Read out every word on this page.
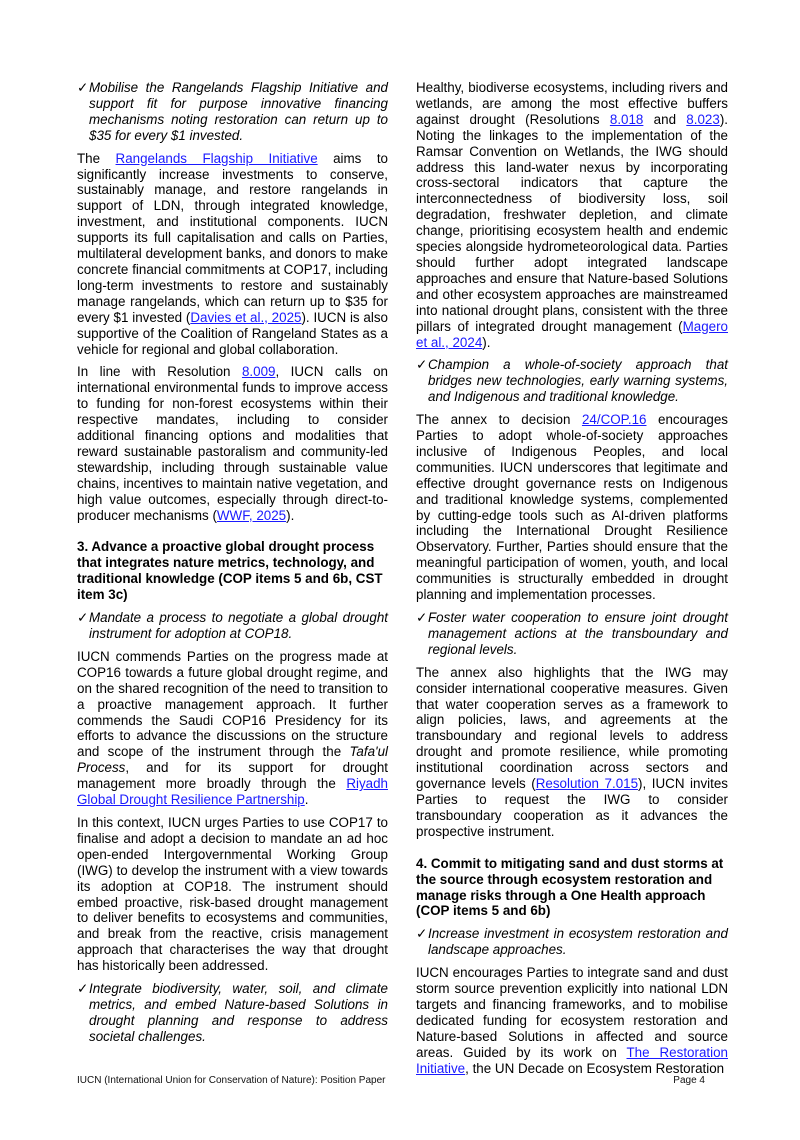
✓ Mobilise the Rangelands Flagship Initiative and support fit for purpose innovative financing mechanisms noting restoration can return up to $35 for every $1 invested.

The Rangelands Flagship Initiative aims to significantly increase investments to conserve, sustainably manage, and restore rangelands in support of LDN, through integrated knowledge, investment, and institutional components. IUCN supports its full capitalisation and calls on Parties, multilateral development banks, and donors to make concrete financial commitments at COP17, including long-term investments to restore and sustainably manage rangelands, which can return up to $35 for every $1 invested (Davies et al., 2025). IUCN is also supportive of the Coalition of Rangeland States as a vehicle for regional and global collaboration.

In line with Resolution 8.009, IUCN calls on international environmental funds to improve access to funding for non-forest ecosystems within their respective mandates, including to consider additional financing options and modalities that reward sustainable pastoralism and community-led stewardship, including through sustainable value chains, incentives to maintain native vegetation, and high value outcomes, especially through direct-to-producer mechanisms (WWF, 2025).

3. Advance a proactive global drought process that integrates nature metrics, technology, and traditional knowledge (COP items 5 and 6b, CST item 3c)
✓ Mandate a process to negotiate a global drought instrument for adoption at COP18.

IUCN commends Parties on the progress made at COP16 towards a future global drought regime, and on the shared recognition of the need to transition to a proactive management approach. It further commends the Saudi COP16 Presidency for its efforts to advance the discussions on the structure and scope of the instrument through the Tafa'ul Process, and for its support for drought management more broadly through the Riyadh Global Drought Resilience Partnership.

In this context, IUCN urges Parties to use COP17 to finalise and adopt a decision to mandate an ad hoc open-ended Intergovernmental Working Group (IWG) to develop the instrument with a view towards its adoption at COP18. The instrument should embed proactive, risk-based drought management to deliver benefits to ecosystems and communities, and break from the reactive, crisis management approach that characterises the way that drought has historically been addressed.

✓ Integrate biodiversity, water, soil, and climate metrics, and embed Nature-based Solutions in drought planning and response to address societal challenges.

Healthy, biodiverse ecosystems, including rivers and wetlands, are among the most effective buffers against drought (Resolutions 8.018 and 8.023). Noting the linkages to the implementation of the Ramsar Convention on Wetlands, the IWG should address this land-water nexus by incorporating cross-sectoral indicators that capture the interconnectedness of biodiversity loss, soil degradation, freshwater depletion, and climate change, prioritising ecosystem health and endemic species alongside hydrometeorological data. Parties should further adopt integrated landscape approaches and ensure that Nature-based Solutions and other ecosystem approaches are mainstreamed into national drought plans, consistent with the three pillars of integrated drought management (Magero et al., 2024).

✓ Champion a whole-of-society approach that bridges new technologies, early warning systems, and Indigenous and traditional knowledge.

The annex to decision 24/COP.16 encourages Parties to adopt whole-of-society approaches inclusive of Indigenous Peoples, and local communities. IUCN underscores that legitimate and effective drought governance rests on Indigenous and traditional knowledge systems, complemented by cutting-edge tools such as AI-driven platforms including the International Drought Resilience Observatory. Further, Parties should ensure that the meaningful participation of women, youth, and local communities is structurally embedded in drought planning and implementation processes.

✓ Foster water cooperation to ensure joint drought management actions at the transboundary and regional levels.

The annex also highlights that the IWG may consider international cooperative measures. Given that water cooperation serves as a framework to align policies, laws, and agreements at the transboundary and regional levels to address drought and promote resilience, while promoting institutional coordination across sectors and governance levels (Resolution 7.015), IUCN invites Parties to request the IWG to consider transboundary cooperation as it advances the prospective instrument.

4. Commit to mitigating sand and dust storms at the source through ecosystem restoration and manage risks through a One Health approach (COP items 5 and 6b)
✓ Increase investment in ecosystem restoration and landscape approaches.

IUCN encourages Parties to integrate sand and dust storm source prevention explicitly into national LDN targets and financing frameworks, and to mobilise dedicated funding for ecosystem restoration and Nature-based Solutions in affected and source areas. Guided by its work on The Restoration Initiative, the UN Decade on Ecosystem Restoration

IUCN (International Union for Conservation of Nature): Position Paper	Page 4
